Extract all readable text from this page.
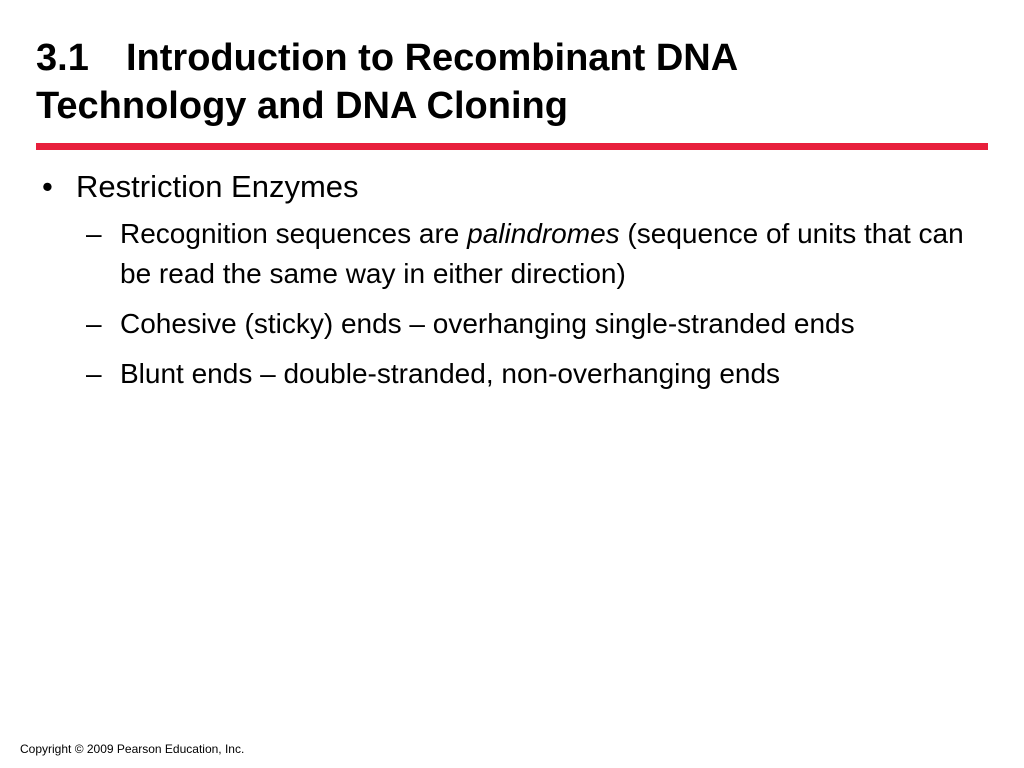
3.1 Introduction to Recombinant DNA
Technology and DNA Cloning
• Restriction Enzymes
– Recognition sequences are palindromes (sequence of units that can be read the same way in either direction)
– Cohesive (sticky) ends – overhanging single-stranded ends
– Blunt ends – double-stranded, non-overhanging ends
Copyright © 2009 Pearson Education, Inc.
